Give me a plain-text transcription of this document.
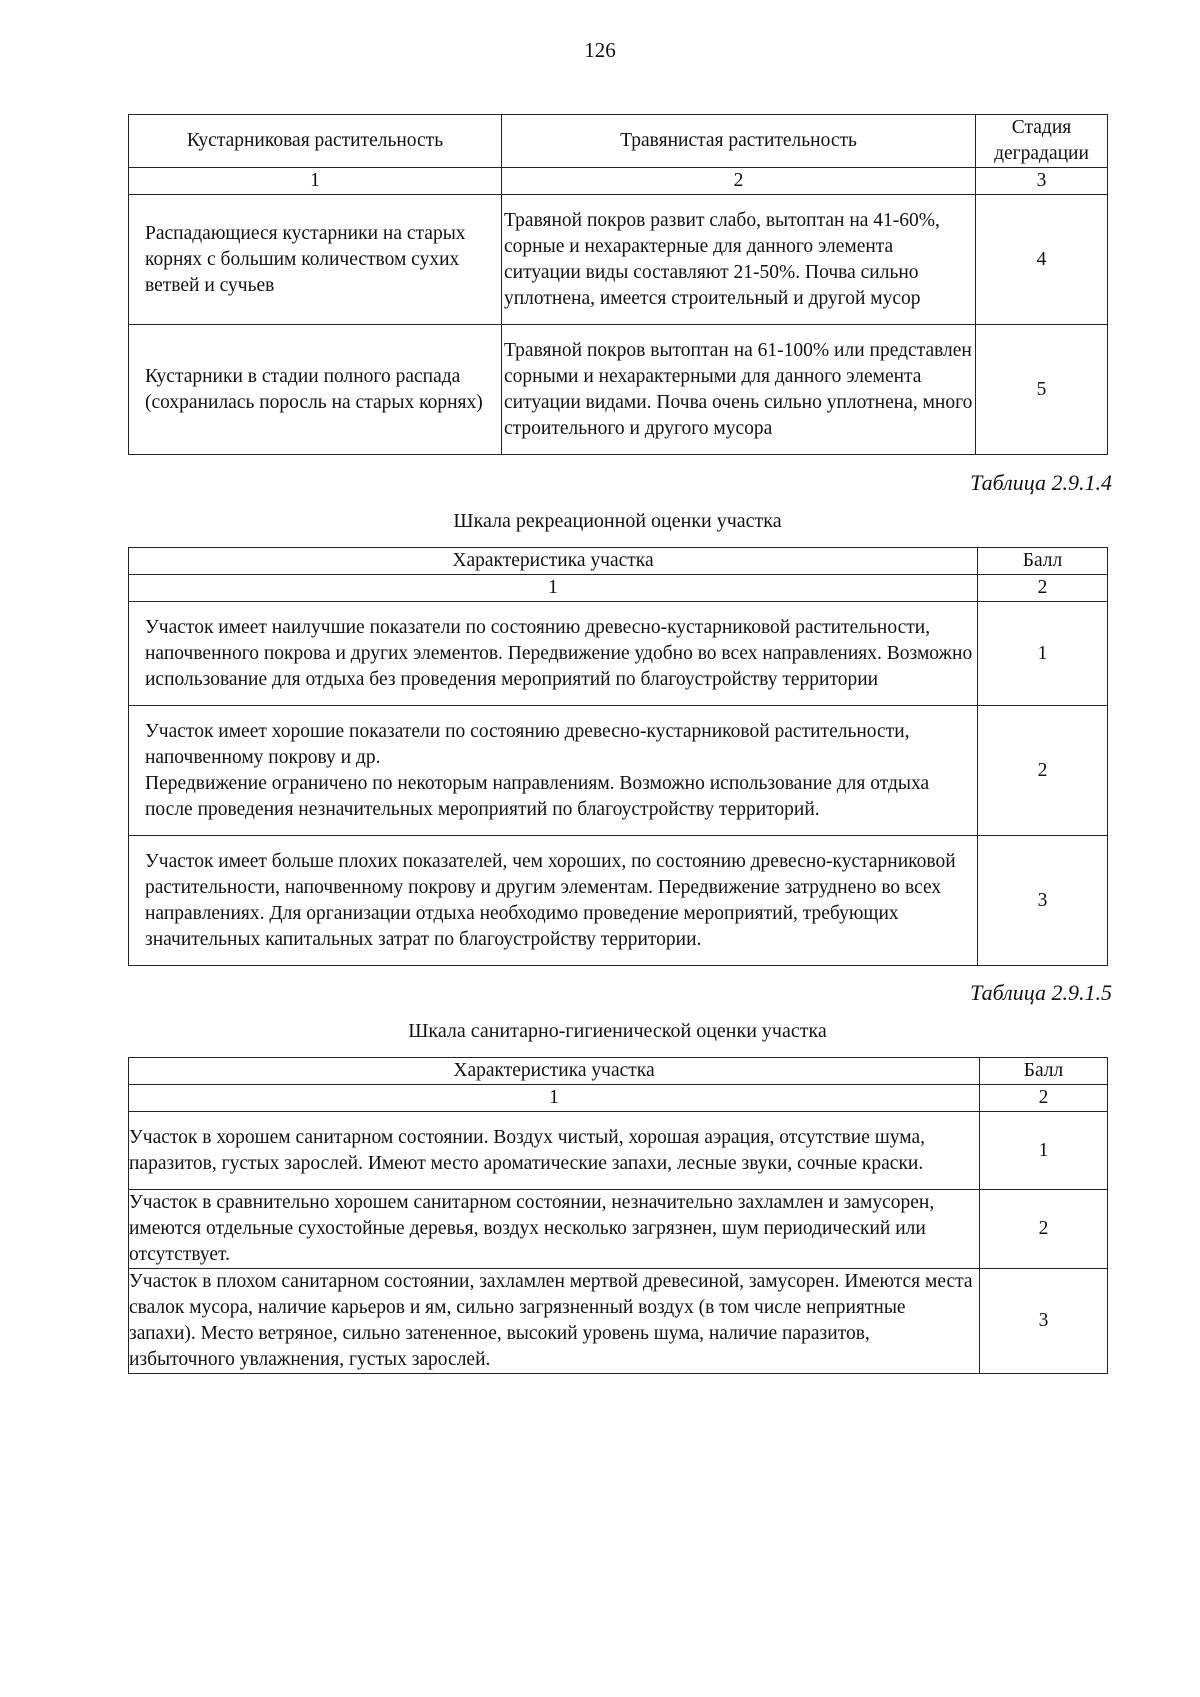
126
Кустарниковая растительность	Травянистая растительность	Стадия деградации
1	2	3
Распадающиеся кустарники на старых корнях с большим количеством сухих ветвей и сучьев	Травяной покров развит слабо, вытоптан на 41-60%, сорные и нехарактерные для данного элемента ситуации виды составляют 21-50%. Почва сильно уплотнена, имеется строительный и другой мусор	4
Кустарники в стадии полного распада (сохранилась поросль на старых корнях)	Травяной покров вытоптан на 61-100% или представлен сорными и нехарактерными для данного элемента ситуации видами. Почва очень сильно уплотнена, много строительного и другого мусора	5
Таблица 2.9.1.4
Шкала рекреационной оценки участка
Характеристика участка	Балл
1	2
Участок имеет наилучшие показатели по состоянию древесно-кустарниковой растительности, напочвенного покрова и других элементов. Передвижение удобно во всех направлениях. Возможно использование для отдыха без проведения мероприятий по благоустройству территории	1

Участок имеет хорошие показатели по состоянию древесно-кустарниковой растительности, напочвенному покрову и др.
Передвижение ограничено по некоторым направлениям. Возможно использование для отдыха после проведения незначительных мероприятий по благоустройству территорий.	2
Участок имеет больше плохих показателей, чем хороших, по состоянию древесно-кустарниковой растительности, напочвенному покрову и другим элементам. Передвижение затруднено во всех направлениях. Для организации отдыха необходимо проведение мероприятий, требующих значительных капитальных затрат по благоустройству территории.	3
Таблица 2.9.1.5
Шкала санитарно-гигиенической оценки участка
Характеристика участка	Балл
1	2
Участок в хорошем санитарном состоянии. Воздух чистый, хорошая аэрация, отсутствие шума, паразитов, густых зарослей. Имеют место ароматические запахи, лесные звуки, сочные краски.	1
Участок в сравнительно хорошем санитарном состоянии, незначительно захламлен и замусорен, имеются отдельные сухостойные деревья, воздух несколько загрязнен, шум периодический или отсутствует.	2
Участок в плохом санитарном состоянии, захламлен мертвой древесиной, замусорен. Имеются места свалок мусора, наличие карьеров и ям, сильно загрязненный воздух (в том числе неприятные запахи). Место ветряное, сильно затененное, высокий уровень шума, наличие паразитов, избыточного увлажнения, густых зарослей.	3
